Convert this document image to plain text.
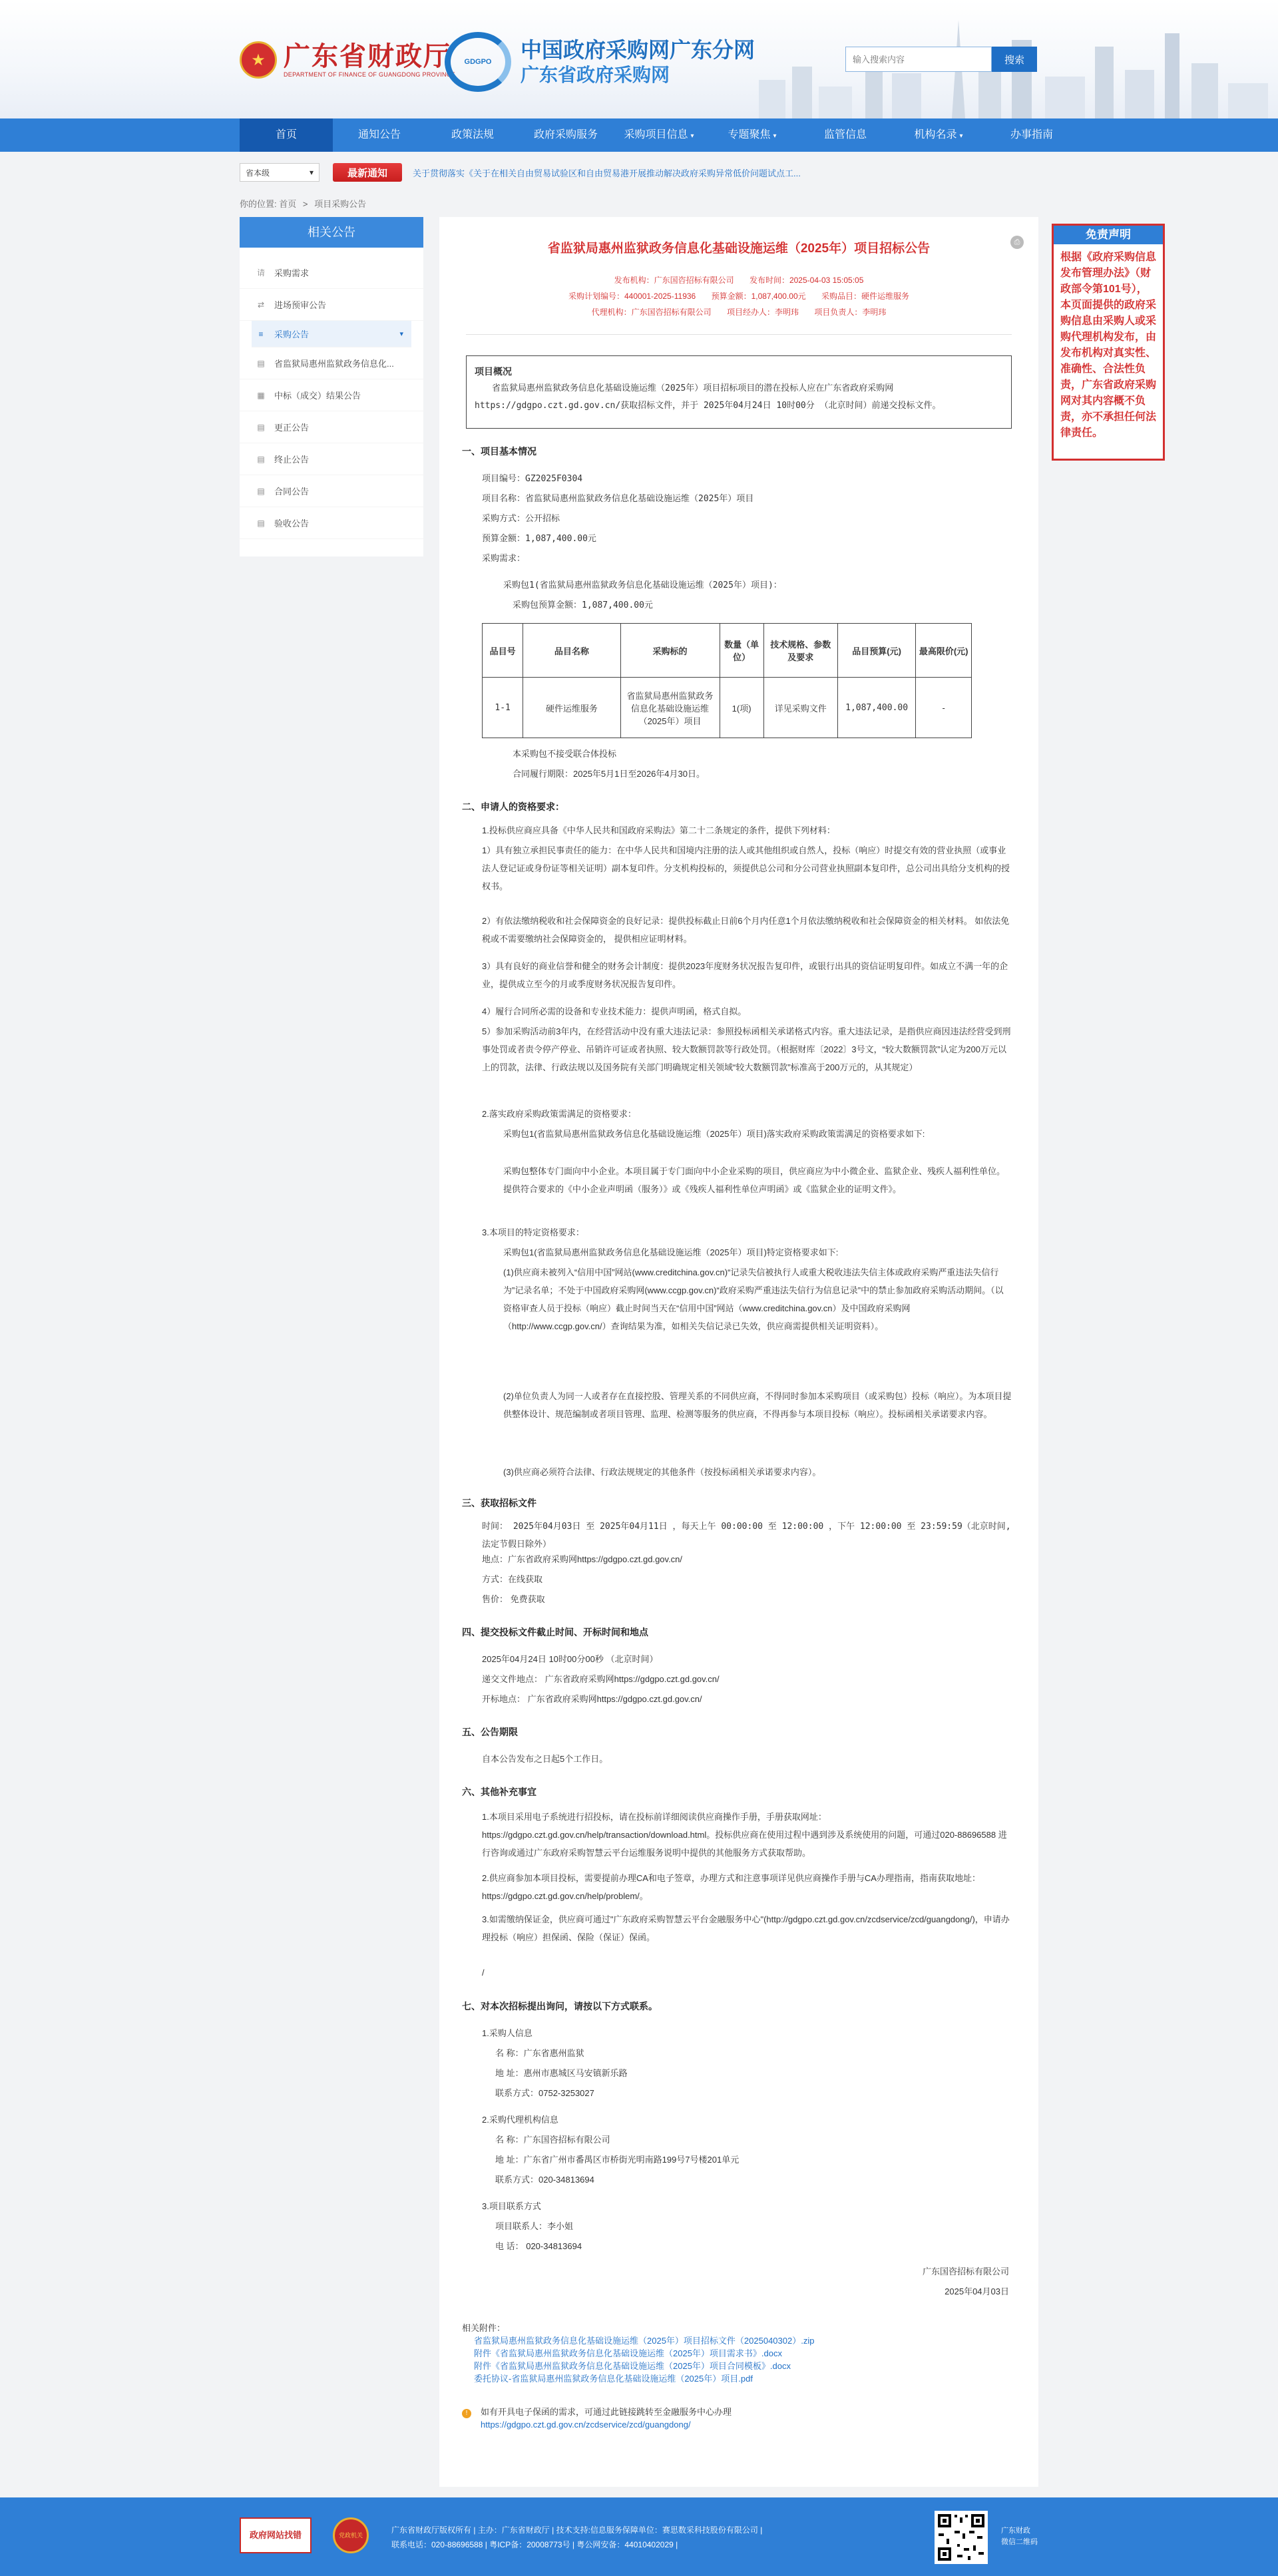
★ 广东省财政厅
DEPARTMENT OF FINANCE OF GUANGDONG PROVINCE
GDGPO	中国政府采购网广东分网
广东省政府采购网
输入搜索内容
搜索
首页	通知公告	政策法规	政府采购服务	采购项目信息 ▾	专题聚焦 ▾	监管信息	机构名录 ▾	办事指南
省本级	▾	最新通知	关于贯彻落实《关于在相关自由贸易试验区和自由贸易港开展推动解决政府采购异常低价问题试点工...
你的位置: 首页 > 项目采购公告
相关公告
请 采购需求
⇄ 进场预审公告
≡	采购公告	▾
▤ 省监狱局惠州监狱政务信息化...
▦ 中标（成交）结果公告
▤ 更正公告
▤ 终止公告
▤ 合同公告
▤ 验收公告
免责声明
根据《政府采购信息发布管理办法》（财政部令第101号），本页面提供的政府采购信息由采购人或采购代理机构发布，由发布机构对真实性、准确性、合法性负责，广东省政府采购网对其内容概不负责，亦不承担任何法律责任。
省监狱局惠州监狱政务信息化基础设施运维（2025年）项目招标公告	⎙
发布机构：广东国咨招标有限公司 发布时间：2025-04-03 15:05:05
采购计划编号：440001-2025-11936 预算金额：1,087,400.00元 采购品目：硬件运维服务
代理机构：广东国咨招标有限公司 项目经办人：李明玮 项目负责人：李明玮
项目概况

省监狱局惠州监狱政务信息化基础设施运维（2025年）项目招标项目的潜在投标人应在广东省政府采购网https://gdgpo.czt.gd.gov.cn/获取招标文件，并于 2025年04月24日 10时00分 （北京时间）前递交投标文件。

一、项目基本情况
项目编号：GZ2025F0304
项目名称：省监狱局惠州监狱政务信息化基础设施运维（2025年）项目
采购方式：公开招标
预算金额：1,087,400.00元
采购需求：
采购包1(省监狱局惠州监狱政务信息化基础设施运维（2025年）项目)：
采购包预算金额：1,087,400.00元
品目号	品目名称	采购标的	数量（单位）	技术规格、参数及要求	品目预算(元)	最高限价(元)
1-1	硬件运维服务	省监狱局惠州监狱政务信息化基础设施运维（2025年）项目	1(项)	详见采购文件	1,087,400.00	-
本采购包不接受联合体投标
合同履行期限：2025年5月1日至2026年4月30日。
二、申请人的资格要求：
1.投标供应商应具备《中华人民共和国政府采购法》第二十二条规定的条件，提供下列材料：
1）具有独立承担民事责任的能力：在中华人民共和国境内注册的法人或其他组织或自然人，投标（响应）时提交有效的营业执照（或事业法人登记证或身份证等相关证明）副本复印件。分支机构投标的，须提供总公司和分公司营业执照副本复印件，总公司出具给分支机构的授权书。
2）有依法缴纳税收和社会保障资金的良好记录：提供投标截止日前6个月内任意1个月依法缴纳税收和社会保障资金的相关材料。 如依法免税或不需要缴纳社会保障资金的， 提供相应证明材料。
3）具有良好的商业信誉和健全的财务会计制度：提供2023年度财务状况报告复印件，或银行出具的资信证明复印件。如成立不满一年的企业，提供成立至今的月或季度财务状况报告复印件。
4）履行合同所必需的设备和专业技术能力：提供声明函，格式自拟。
5）参加采购活动前3年内，在经营活动中没有重大违法记录：参照投标函相关承诺格式内容。重大违法记录，是指供应商因违法经营受到刑事处罚或者责令停产停业、吊销许可证或者执照、较大数额罚款等行政处罚。（根据财库〔2022〕3号文，“较大数额罚款”认定为200万元以上的罚款，法律、行政法规以及国务院有关部门明确规定相关领域“较大数额罚款”标准高于200万元的，从其规定）
2.落实政府采购政策需满足的资格要求：
采购包1(省监狱局惠州监狱政务信息化基础设施运维（2025年）项目)落实政府采购政策需满足的资格要求如下:
采购包整体专门面向中小企业。本项目属于专门面向中小企业采购的项目，供应商应为中小微企业、监狱企业、残疾人福利性单位。提供符合要求的《中小企业声明函（服务）》或《残疾人福利性单位声明函》或《监狱企业的证明文件》。
3.本项目的特定资格要求：
采购包1(省监狱局惠州监狱政务信息化基础设施运维（2025年）项目)特定资格要求如下:
(1)供应商未被列入“信用中国”网站(www.creditchina.gov.cn)“记录失信被执行人或重大税收违法失信主体或政府采购严重违法失信行为”记录名单；不处于中国政府采购网(www.ccgp.gov.cn)“政府采购严重违法失信行为信息记录”中的禁止参加政府采购活动期间。（以资格审查人员于投标（响应）截止时间当天在“信用中国”网站（www.creditchina.gov.cn）及中国政府采购网（http://www.ccgp.gov.cn/）查询结果为准，如相关失信记录已失效，供应商需提供相关证明资料）。
(2)单位负责人为同一人或者存在直接控股、管理关系的不同供应商，不得同时参加本采购项目（或采购包）投标（响应）。为本项目提供整体设计、规范编制或者项目管理、监理、检测等服务的供应商，不得再参与本项目投标（响应）。投标函相关承诺要求内容。
(3)供应商必须符合法律、行政法规规定的其他条件（按投标函相关承诺要求内容）。
三、获取招标文件
时间： 2025年04月03日 至 2025年04月11日 ，每天上午 00:00:00 至 12:00:00 ，下午 12:00:00 至 23:59:59（北京时间,法定节假日除外）
地点：广东省政府采购网https://gdgpo.czt.gd.gov.cn/
方式：在线获取
售价： 免费获取
四、提交投标文件截止时间、开标时间和地点
2025年04月24日 10时00分00秒 （北京时间）
递交文件地点： 广东省政府采购网https://gdgpo.czt.gd.gov.cn/
开标地点： 广东省政府采购网https://gdgpo.czt.gd.gov.cn/
五、公告期限
自本公告发布之日起5个工作日。
六、其他补充事宜
1.本项目采用电子系统进行招投标，请在投标前详细阅读供应商操作手册，手册获取网址：https://gdgpo.czt.gd.gov.cn/help/transaction/download.html。投标供应商在使用过程中遇到涉及系统使用的问题，可通过020-88696588 进行咨询或通过广东政府采购智慧云平台运维服务说明中提供的其他服务方式获取帮助。
2.供应商参加本项目投标，需要提前办理CA和电子签章，办理方式和注意事项详见供应商操作手册与CA办理指南，指南获取地址：https://gdgpo.czt.gd.gov.cn/help/problem/。
3.如需缴纳保证金，供应商可通过"广东政府采购智慧云平台金融服务中心"(http://gdgpo.czt.gd.gov.cn/zcdservice/zcd/guangdong/)，申请办理投标（响应）担保函、保险（保证）保函。
/
七、对本次招标提出询问，请按以下方式联系。
1.采购人信息
名 称：广东省惠州监狱
地 址：惠州市惠城区马安镇新乐路
联系方式：0752-3253027
2.采购代理机构信息
名 称：广东国咨招标有限公司
地 址：广东省广州市番禺区市桥街光明南路199号7号楼201单元
联系方式：020-34813694
3.项目联系方式
项目联系人：李小姐
电 话： 020-34813694
广东国咨招标有限公司
2025年04月03日
相关附件：
省监狱局惠州监狱政务信息化基础设施运维（2025年）项目招标文件（2025040302）.zip
附件《省监狱局惠州监狱政务信息化基础设施运维（2025年）项目需求书》.docx
附件《省监狱局惠州监狱政务信息化基础设施运维（2025年）项目合同模板》.docx
委托协议-省监狱局惠州监狱政务信息化基础设施运维（2025年）项目.pdf
! 如有开具电子保函的需求，可通过此链接跳转至金融服务中心办理
https://gdgpo.czt.gd.gov.cn/zcdservice/zcd/guangdong/
政府网站找错	党政机关
广东省财政厅版权所有 | 主办：广东省财政厅 | 技术支持:信息服务保障单位：赛思数采科技股份有限公司 |
联系电话：020-88696588 | 粤ICP备：20008773号 | 粤公网安备：44010402029 |
广东财政
微信二维码
